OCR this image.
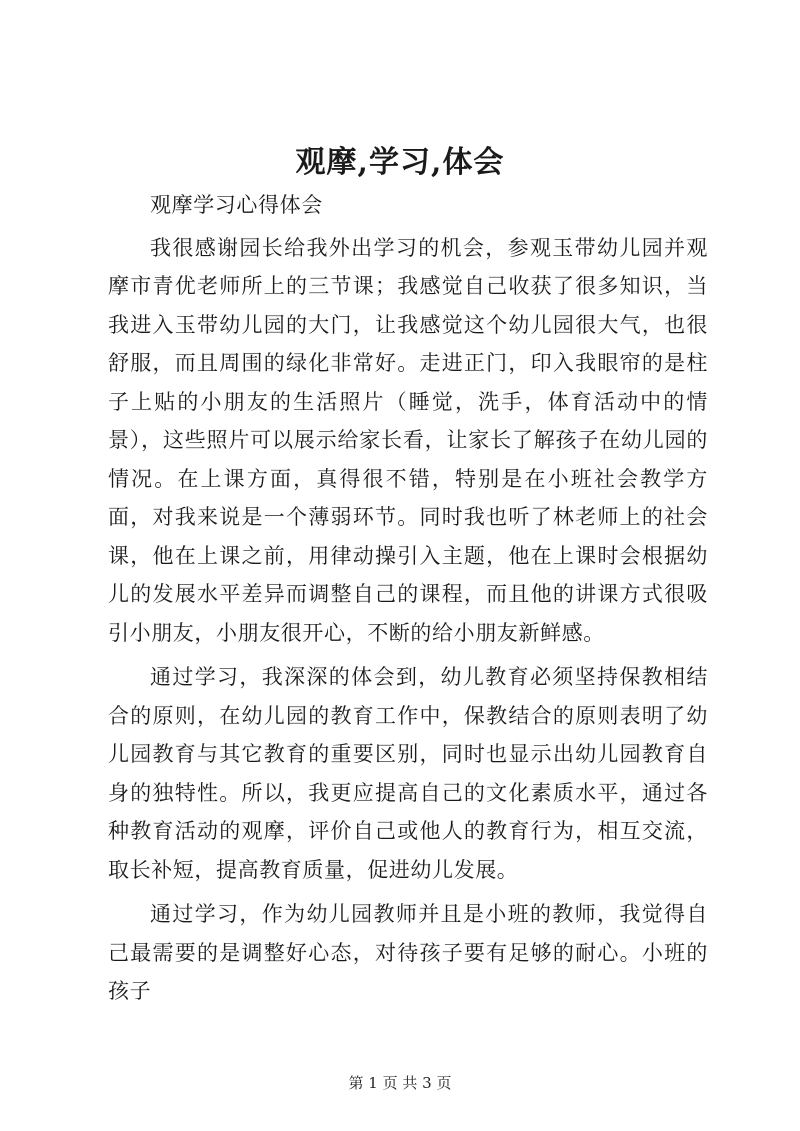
观摩,学习,体会

观摩学习心得体会

我很感谢园长给我外出学习的机会，参观玉带幼儿园并观摩市青优老师所上的三节课；我感觉自己收获了很多知识，当我进入玉带幼儿园的大门，让我感觉这个幼儿园很大气，也很舒服，而且周围的绿化非常好。走进正门，印入我眼帘的是柱子上贴的小朋友的生活照片（睡觉，洗手，体育活动中的情景），这些照片可以展示给家长看，让家长了解孩子在幼儿园的情况。在上课方面，真得很不错，特别是在小班社会教学方面，对我来说是一个薄弱环节。同时我也听了林老师上的社会课，他在上课之前，用律动操引入主题，他在上课时会根据幼儿的发展水平差异而调整自己的课程，而且他的讲课方式很吸引小朋友，小朋友很开心，不断的给小朋友新鲜感。

通过学习，我深深的体会到，幼儿教育必须坚持保教相结合的原则，在幼儿园的教育工作中，保教结合的原则表明了幼儿园教育与其它教育的重要区别，同时也显示出幼儿园教育自身的独特性。所以，我更应提高自己的文化素质水平，通过各种教育活动的观摩，评价自己或他人的教育行为，相互交流，取长补短，提高教育质量，促进幼儿发展。

通过学习，作为幼儿园教师并且是小班的教师，我觉得自己最需要的是调整好心态，对待孩子要有足够的耐心。小班的孩子

第 1 页 共 3 页
